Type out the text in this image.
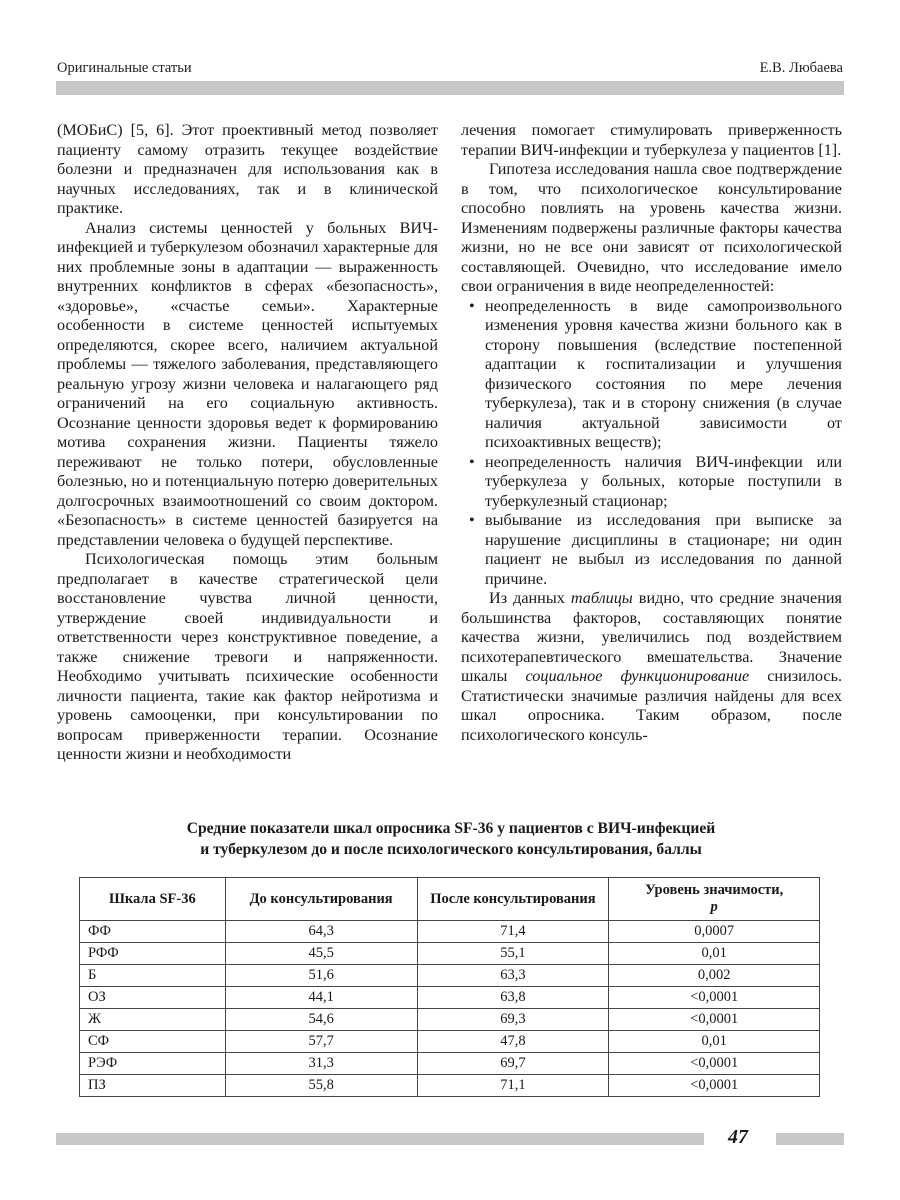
Оригинальные статьи	Е.В. Любаева

(МОБиС) [5, 6]. Этот проективный метод позволяет пациенту самому отразить текущее воздействие болезни и предназначен для использования как в научных исследованиях, так и в клинической практике.

Анализ системы ценностей у больных ВИЧ-инфекцией и туберкулезом обозначил характерные для них проблемные зоны в адаптации — выраженность внутренних конфликтов в сферах «безопасность», «здоровье», «счастье семьи». Характерные особенности в системе ценностей испытуемых определяются, скорее всего, наличием актуальной проблемы — тяжелого заболевания, представляющего реальную угрозу жизни человека и налагающего ряд ограничений на его социальную активность. Осознание ценности здоровья ведет к формированию мотива сохранения жизни. Пациенты тяжело переживают не только потери, обусловленные болезнью, но и потенциальную потерю доверительных долгосрочных взаимоотношений со своим доктором. «Безопасность» в системе ценностей базируется на представлении человека о будущей перспективе.

Психологическая помощь этим больным предполагает в качестве стратегической цели восстановление чувства личной ценности, утверждение своей индивидуальности и ответственности через конструктивное поведение, а также снижение тревоги и напряженности. Необходимо учитывать психические особенности личности пациента, такие как фактор нейротизма и уровень самооценки, при консультировании по вопросам приверженности терапии. Осознание ценности жизни и необходимости

лечения помогает стимулировать приверженность терапии ВИЧ-инфекции и туберкулеза у пациентов [1].

Гипотеза исследования нашла свое подтверждение в том, что психологическое консультирование способно повлиять на уровень качества жизни. Изменениям подвержены различные факторы качества жизни, но не все они зависят от психологической составляющей. Очевидно, что исследование имело свои ограничения в виде неопределенностей:

• неопределенность в виде самопроизвольного изменения уровня качества жизни больного как в сторону повышения (вследствие постепенной адаптации к госпитализации и улучшения физического состояния по мере лечения туберкулеза), так и в сторону снижения (в случае наличия актуальной зависимости от психоактивных веществ);
• неопределенность наличия ВИЧ-инфекции или туберкулеза у больных, которые поступили в туберкулезный стационар;
• выбывание из исследования при выписке за нарушение дисциплины в стационаре; ни один пациент не выбыл из исследования по данной причине.

Из данных таблицы видно, что средние значения большинства факторов, составляющих понятие качества жизни, увеличились под воздействием психотерапевтического вмешательства. Значение шкалы социальное функционирование снизилось. Статистически значимые различия найдены для всех шкал опросника. Таким образом, после психологического консуль-

Средние показатели шкал опросника SF-36 у пациентов с ВИЧ-инфекцией
и туберкулезом до и после психологического консультирования, баллы
Шкала SF-36	До консультирования	После консультирования	Уровень значимости,
p
ФФ	64,3	71,4	0,0007
РФФ	45,5	55,1	0,01
Б	51,6	63,3	0,002
ОЗ	44,1	63,8	<0,0001
Ж	54,6	69,3	<0,0001
СФ	57,7	47,8	0,01
РЭФ	31,3	69,7	<0,0001
ПЗ	55,8	71,1	<0,0001
47
